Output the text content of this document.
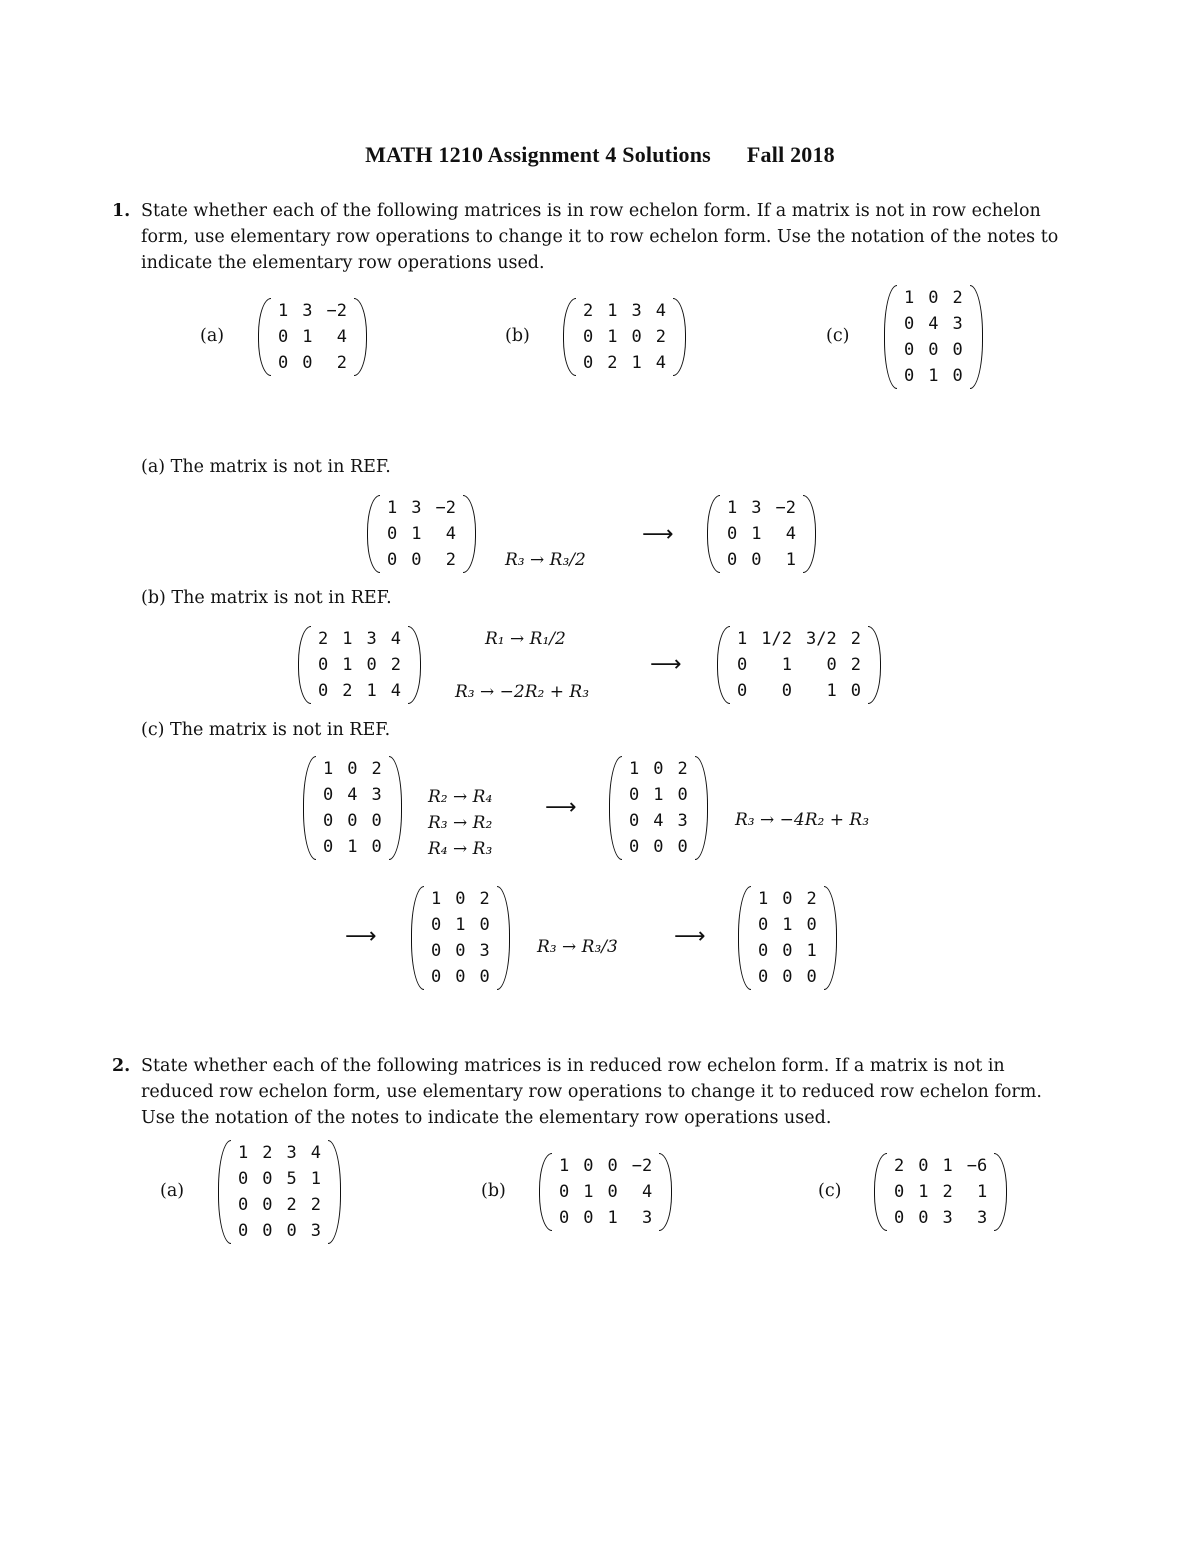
MATH 1210 Assignment 4 Solutions Fall 2018
1. State whether each of the following matrices is in row echelon form. If a matrix is not in row echelon form, use elementary row operations to change it to row echelon form. Use the notation of the notes to indicate the elementary row operations used.
(a)
1	3	−2
0	1	4
0	0	2
(b)
2	1	3	4
0	1	0	2
0	2	1	4
(c)
1	0	2
0	4	3
0	0	0
0	1	0
(a) The matrix is not in REF.
1	3	−2
0	1	4
0	0	2	R₃ → R₃/2
⟶
1	3	−2
0	1	4
0	0	1
(b) The matrix is not in REF.
2	1	3	4
0	1	0	2
0	2	1	4
R₁ → R₁/2
R₃ → −2R₂ + R₃
⟶
1	1/2	3/2	2
0	1	0	2
0	0	1	0
(c) The matrix is not in REF.
1	0	2
0	4	3
0	0	0
0	1	0
R₂ → R₄
R₃ → R₂
R₄ → R₃
⟶
1	0	2
0	1	0
0	4	3
0	0	0
R₃ → −4R₂ + R₃
⟶
1	0	2
0	1	0
0	0	3
0	0	0
R₃ → R₃/3	⟶
1	0	2
0	1	0
0	0	1
0	0	0
2. State whether each of the following matrices is in reduced row echelon form. If a matrix is not in reduced row echelon form, use elementary row operations to change it to reduced row echelon form. Use the notation of the notes to indicate the elementary row operations used.
(a)
1	2	3	4
0	0	5	1
0	0	2	2
0	0	0	3
(b)
1	0	0	−2
0	1	0	4
0	0	1	3
(c)
2	0	1	−6
0	1	2	1
0	0	3	3
